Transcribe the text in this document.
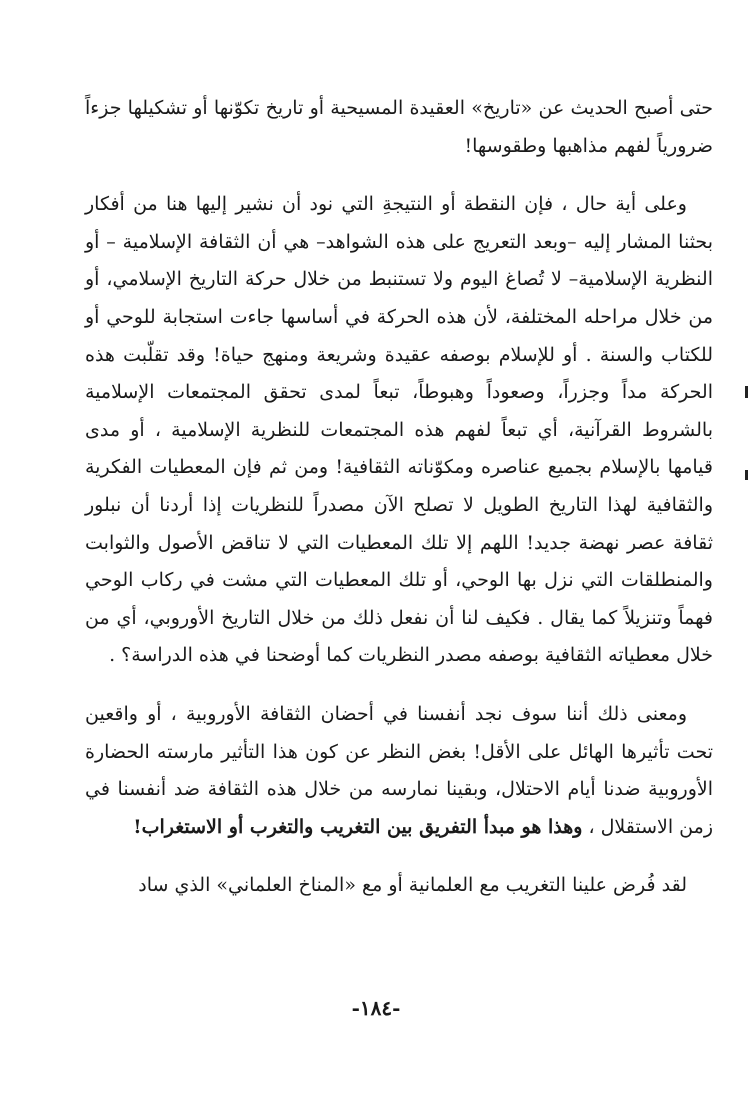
حتى أصبح الحديث عن «تاريخ» العقيدة المسيحية أو تاريخ تكوّنها أو تشكيلها جزءاً ضرورياً لفهم مذاهبها وطقوسها!

وعلى أية حال ، فإن النقطة أو النتيجةِ التي نود أن نشير إليها هنا من أفكار بحثنا المشار إليه –وبعد التعريج على هذه الشواهد– هي أن الثقافة الإسلامية – أو النظرية الإسلامية– لا تُصاغ اليوم ولا تستنبط من خلال حركة التاريخ الإسلامي، أو من خلال مراحله المختلفة، لأن هذه الحركة في أساسها جاءت استجابة للوحي أو للكتاب والسنة . أو للإسلام بوصفه عقيدة وشريعة ومنهج حياة! وقد تقلّبت هذه الحركة مداً وجزراً، وصعوداً وهبوطاً، تبعاً لمدى تحقق المجتمعات الإسلامية بالشروط القرآنية، أي تبعاً لفهم هذه المجتمعات للنظرية الإسلامية ، أو مدى قيامها بالإسلام بجميع عناصره ومكوّناته الثقافية! ومن ثم فإن المعطيات الفكرية والثقافية لهذا التاريخ الطويل لا تصلح الآن مصدراً للنظريات إذا أردنا أن نبلور ثقافة عصر نهضة جديد! اللهم إلا تلك المعطيات التي لا تناقض الأصول والثوابت والمنطلقات التي نزل بها الوحي، أو تلك المعطيات التي مشت في ركاب الوحي فهماً وتنزيلاً كما يقال . فكيف لنا أن نفعل ذلك من خلال التاريخ الأوروبي، أي من خلال معطياته الثقافية بوصفه مصدر النظريات كما أوضحنا في هذه الدراسة؟ .

ومعنى ذلك أننا سوف نجد أنفسنا في أحضان الثقافة الأوروبية ، أو واقعين تحت تأثيرها الهائل على الأقل! بغض النظر عن كون هذا التأثير مارسته الحضارة الأوروبية ضدنا أيام الاحتلال، وبقينا نمارسه من خلال هذه الثقافة ضد أنفسنا في زمن الاستقلال ، وهذا هو مبدأ التفريق بين التغريب والتغرب أو الاستغراب!

لقد فُرض علينا التغريب مع العلمانية أو مع «المناخ العلماني» الذي ساد

-١٨٤-
